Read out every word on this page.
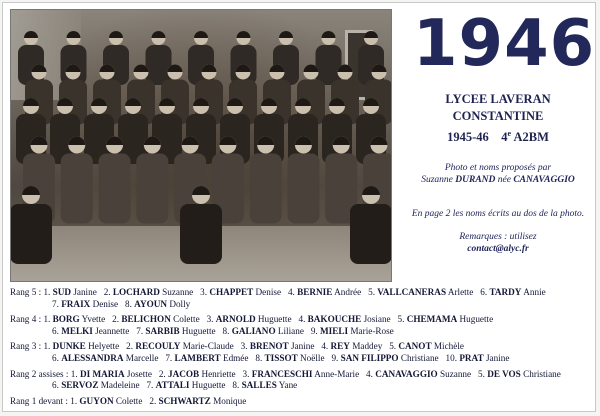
1946
LYCEE LAVERAN
CONSTANTINE
1945-46 4e A2BM
Photo et noms proposés par
Suzanne DURAND née CANAVAGGIO
En page 2 les noms écrits au dos de la photo.
Remarques : utilisez
contact@alyc.fr
Rang 5 : 1. SUD Janine 2. LOCHARD Suzanne 3. CHAPPET Denise 4. BERNIE Andrée 5. VALLCANERAS Arlette 6. TARDY Annie
7. FRAIX Denise 8. AYOUN Dolly
Rang 4 : 1. BORG Yvette 2. BELICHON Colette 3. ARNOLD Huguette 4. BAKOUCHE Josiane 5. CHEMAMA Huguette
6. MELKI Jeannette 7. SARBIB Huguette 8. GALIANO Liliane 9. MIELI Marie-Rose
Rang 3 : 1. DUNKE Helyette 2. RECOULY Marie-Claude 3. BRENOT Janine 4. REY Maddey 5. CANOT Michèle
6. ALESSANDRA Marcelle 7. LAMBERT Edmée 8. TISSOT Noëlle 9. SAN FILIPPO Christiane 10. PRAT Janine
Rang 2 assises : 1. DI MARIA Josette 2. JACOB Henriette 3. FRANCESCHI Anne-Marie 4. CANAVAGGIO Suzanne 5. DE VOS Christiane
6. SERVOZ Madeleine 7. ATTALI Huguette 8. SALLES Yane
Rang 1 devant : 1. GUYON Colette 2. SCHWARTZ Monique
